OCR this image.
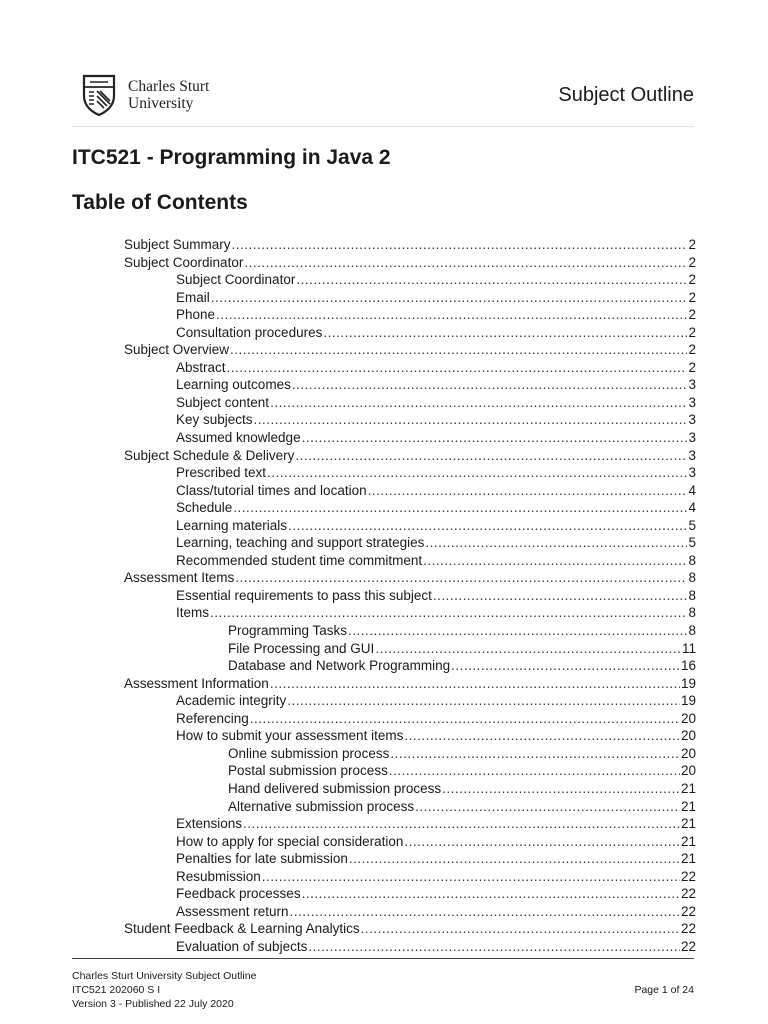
Charles Sturt
University	Subject Outline
ITC521 - Programming in Java 2
Table of Contents
Subject Summary .....	2
Subject Coordinator .....	2
Subject Coordinator .....	2
Email .....	2
Phone .....	2
Consultation procedures .....	2
Subject Overview .....	2
Abstract .....	2
Learning outcomes .....	3
Subject content .....	3
Key subjects .....	3
Assumed knowledge .....	3
Subject Schedule & Delivery .....	3
Prescribed text .....	3
Class/tutorial times and location .....	4
Schedule .....	4
Learning materials .....	5
Learning, teaching and support strategies .....	5
Recommended student time commitment .....	8
Assessment Items .....	8
Essential requirements to pass this subject .....	8
Items .....	8
Programming Tasks .....	8
File Processing and GUI .....	11
Database and Network Programming .....	16
Assessment Information .....	19
Academic integrity .....	19
Referencing .....	20
How to submit your assessment items .....	20
Online submission process .....	20
Postal submission process .....	20
Hand delivered submission process .....	21
Alternative submission process .....	21
Extensions .....	21
How to apply for special consideration .....	21
Penalties for late submission .....	21
Resubmission .....	22
Feedback processes .....	22
Assessment return .....	22
Student Feedback & Learning Analytics .....	22
Evaluation of subjects .....	22
Charles Sturt University Subject Outline
ITC521 202060 S I
Version 3 - Published 22 July 2020
Page 1 of 24
